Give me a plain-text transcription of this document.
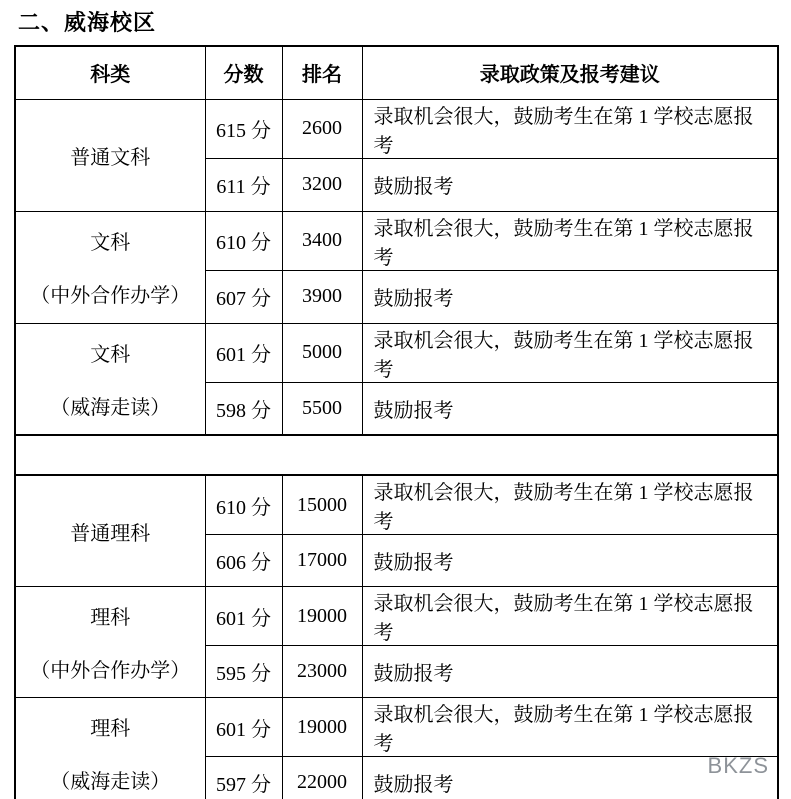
二、威海校区
科类	分数	排名	录取政策及报考建议

普通文科	615 分	2600	录取机会很大，鼓励考生在第 1 学校志愿报考
	611 分	3200	鼓励报考

文科
（中外合作办学）	610 分	3400	录取机会很大，鼓励考生在第 1 学校志愿报考
	607 分	3900	鼓励报考

文科
（威海走读）	601 分	5000	录取机会很大，鼓励考生在第 1 学校志愿报考
	598 分	5500	鼓励报考

普通理科	610 分	15000	录取机会很大，鼓励考生在第 1 学校志愿报考
	606 分	17000	鼓励报考

理科
（中外合作办学）	601 分	19000	录取机会很大，鼓励考生在第 1 学校志愿报考
	595 分	23000	鼓励报考

理科
（威海走读）	601 分	19000	录取机会很大，鼓励考生在第 1 学校志愿报考
	597 分	22000	鼓励报考
BKZS
